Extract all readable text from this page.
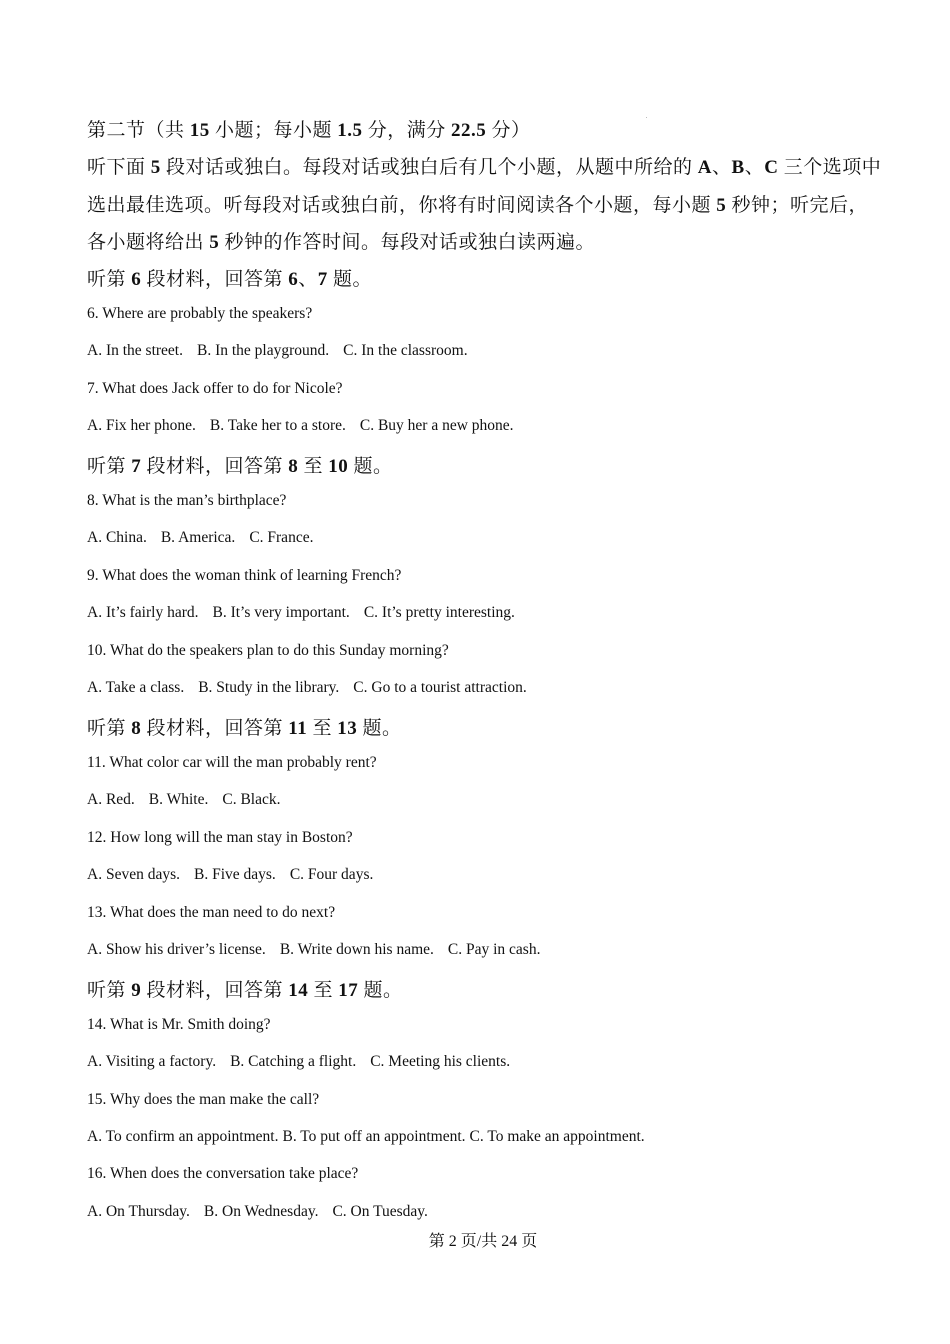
第二节（共 15 小题；每小题 1.5 分，满分 22.5 分）
听下面 5 段对话或独白。每段对话或独白后有几个小题，从题中所给的 A、B、C 三个选项中
选出最佳选项。听每段对话或独白前，你将有时间阅读各个小题，每小题 5 秒钟；听完后，
各小题将给出 5 秒钟的作答时间。每段对话或独白读两遍。
听第 6 段材料，回答第 6、7 题。
6. Where are probably the speakers?
A. In the street. B. In the playground. C. In the classroom.
7. What does Jack offer to do for Nicole?
A. Fix her phone. B. Take her to a store. C. Buy her a new phone.
听第 7 段材料，回答第 8 至 10 题。
8. What is the man’s birthplace?
A. China. B. America. C. France.
9. What does the woman think of learning French?
A. It’s fairly hard. B. It’s very important. C. It’s pretty interesting.
10. What do the speakers plan to do this Sunday morning?
A. Take a class. B. Study in the library. C. Go to a tourist attraction.
听第 8 段材料，回答第 11 至 13 题。
11. What color car will the man probably rent?
A. Red. B. White. C. Black.
12. How long will the man stay in Boston?
A. Seven days. B. Five days. C. Four days.
13. What does the man need to do next?
A. Show his driver’s license. B. Write down his name. C. Pay in cash.
听第 9 段材料，回答第 14 至 17 题。
14. What is Mr. Smith doing?
A. Visiting a factory. B. Catching a flight. C. Meeting his clients.
15. Why does the man make the call?
A. To confirm an appointment. B. To put off an appointment. C. To make an appointment.
16. When does the conversation take place?
A. On Thursday. B. On Wednesday. C. On Tuesday.
第 2 页/共 24 页
